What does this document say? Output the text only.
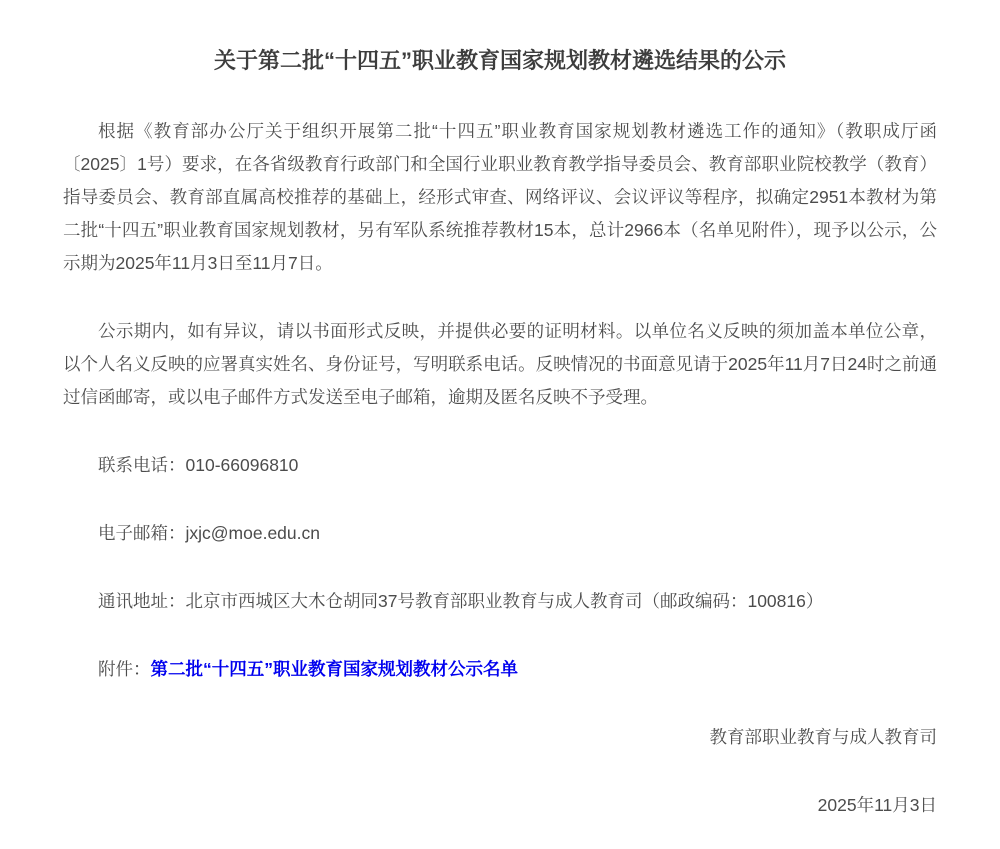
关于第二批“十四五”职业教育国家规划教材遴选结果的公示

根据《教育部办公厅关于组织开展第二批“十四五”职业教育国家规划教材遴选工作的通知》（教职成厅函〔2025〕1号）要求，在各省级教育行政部门和全国行业职业教育教学指导委员会、教育部职业院校教学（教育）指导委员会、教育部直属高校推荐的基础上，经形式审查、网络评议、会议评议等程序，拟确定2951本教材为第二批“十四五”职业教育国家规划教材，另有军队系统推荐教材15本，总计2966本（名单见附件），现予以公示，公示期为2025年11月3日至11月7日。

公示期内，如有异议，请以书面形式反映，并提供必要的证明材料。以单位名义反映的须加盖本单位公章，以个人名义反映的应署真实姓名、身份证号，写明联系电话。反映情况的书面意见请于2025年11月7日24时之前通过信函邮寄，或以电子邮件方式发送至电子邮箱，逾期及匿名反映不予受理。

联系电话：010-66096810

电子邮箱：jxjc@moe.edu.cn

通讯地址：北京市西城区大木仓胡同37号教育部职业教育与成人教育司（邮政编码：100816）

附件：第二批“十四五”职业教育国家规划教材公示名单

教育部职业教育与成人教育司

2025年11月3日
